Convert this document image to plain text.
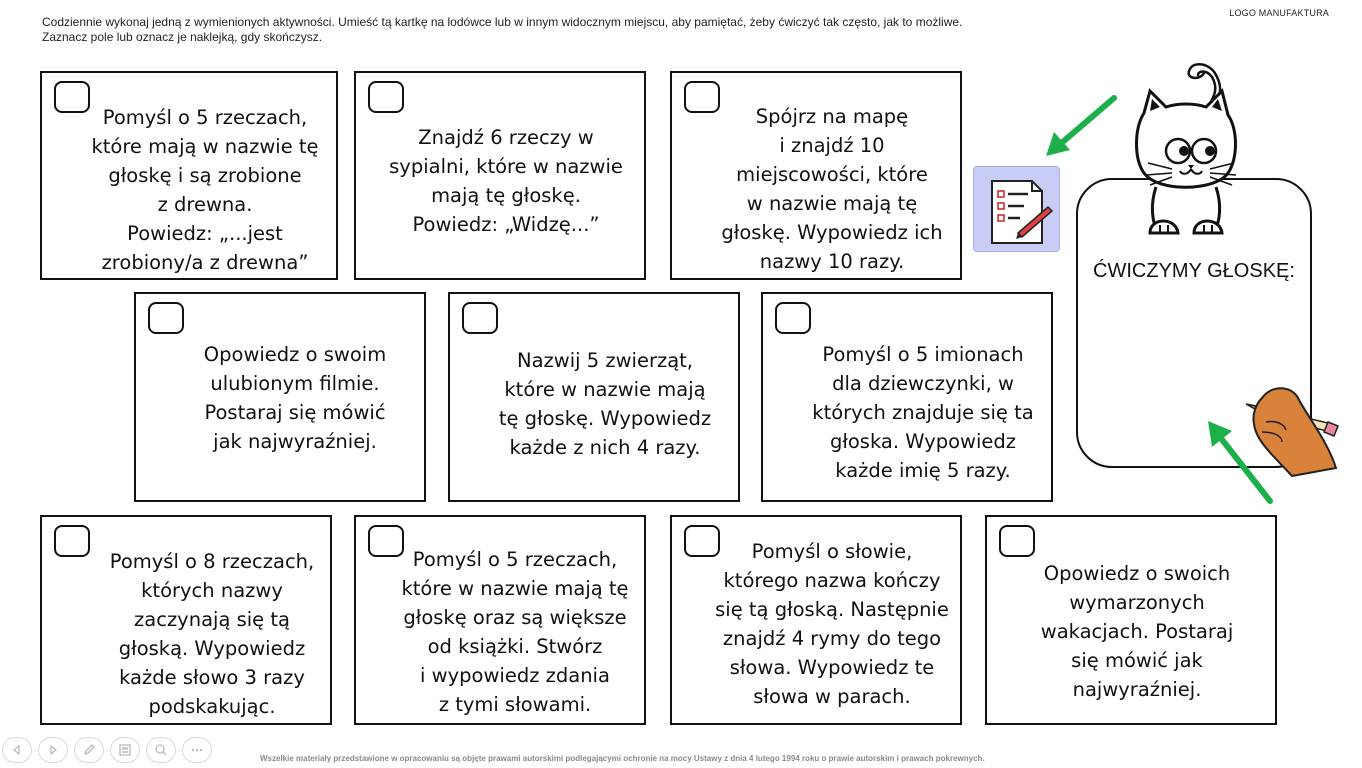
Codziennie wykonaj jedną z wymienionych aktywności. Umieść tą kartkę na lodówce lub w innym widocznym miejscu, aby pamiętać, żeby ćwiczyć tak często, jak to możliwe.
Zaznacz pole lub oznacz je naklejką, gdy skończysz.
LOGO MANUFAKTURA
Pomyśl o 5 rzeczach,
które mają w nazwie tę
głoskę i są zrobione
z drewna.
Powiedz: „...jest
zrobiony/a z drewna”
Znajdź 6 rzeczy w
sypialni, które w nazwie
mają tę głoskę.
Powiedz: „Widzę...”
Spójrz na mapę
i znajdź 10
miejscowości, które
w nazwie mają tę
głoskę. Wypowiedz ich
nazwy 10 razy.
Opowiedz o swoim
ulubionym filmie.
Postaraj się mówić
jak najwyraźniej.
Nazwij 5 zwierząt,
które w nazwie mają
tę głoskę. Wypowiedz
każde z nich 4 razy.
Pomyśl o 5 imionach
dla dziewczynki, w
których znajduje się ta
głoska. Wypowiedz
każde imię 5 razy.
Pomyśl o 8 rzeczach,
których nazwy
zaczynają się tą
głoską. Wypowiedz
każde słowo 3 razy
podskakując.
Pomyśl o 5 rzeczach,
które w nazwie mają tę
głoskę oraz są większe
od książki. Stwórz
i wypowiedz zdania
z tymi słowami.
Pomyśl o słowie,
którego nazwa kończy
się tą głoską. Następnie
znajdź 4 rymy do tego
słowa. Wypowiedz te
słowa w parach.
Opowiedz o swoich
wymarzonych
wakacjach. Postaraj
się mówić jak
najwyraźniej.
ĆWICZYMY GŁOSKĘ:
Wszelkie materiały przedstawione w opracowaniu są objęte prawami autorskimi podlegającymi ochronie na mocy Ustawy z dnia 4 lutego 1994 roku o prawie autorskim i prawach pokrewnych.
